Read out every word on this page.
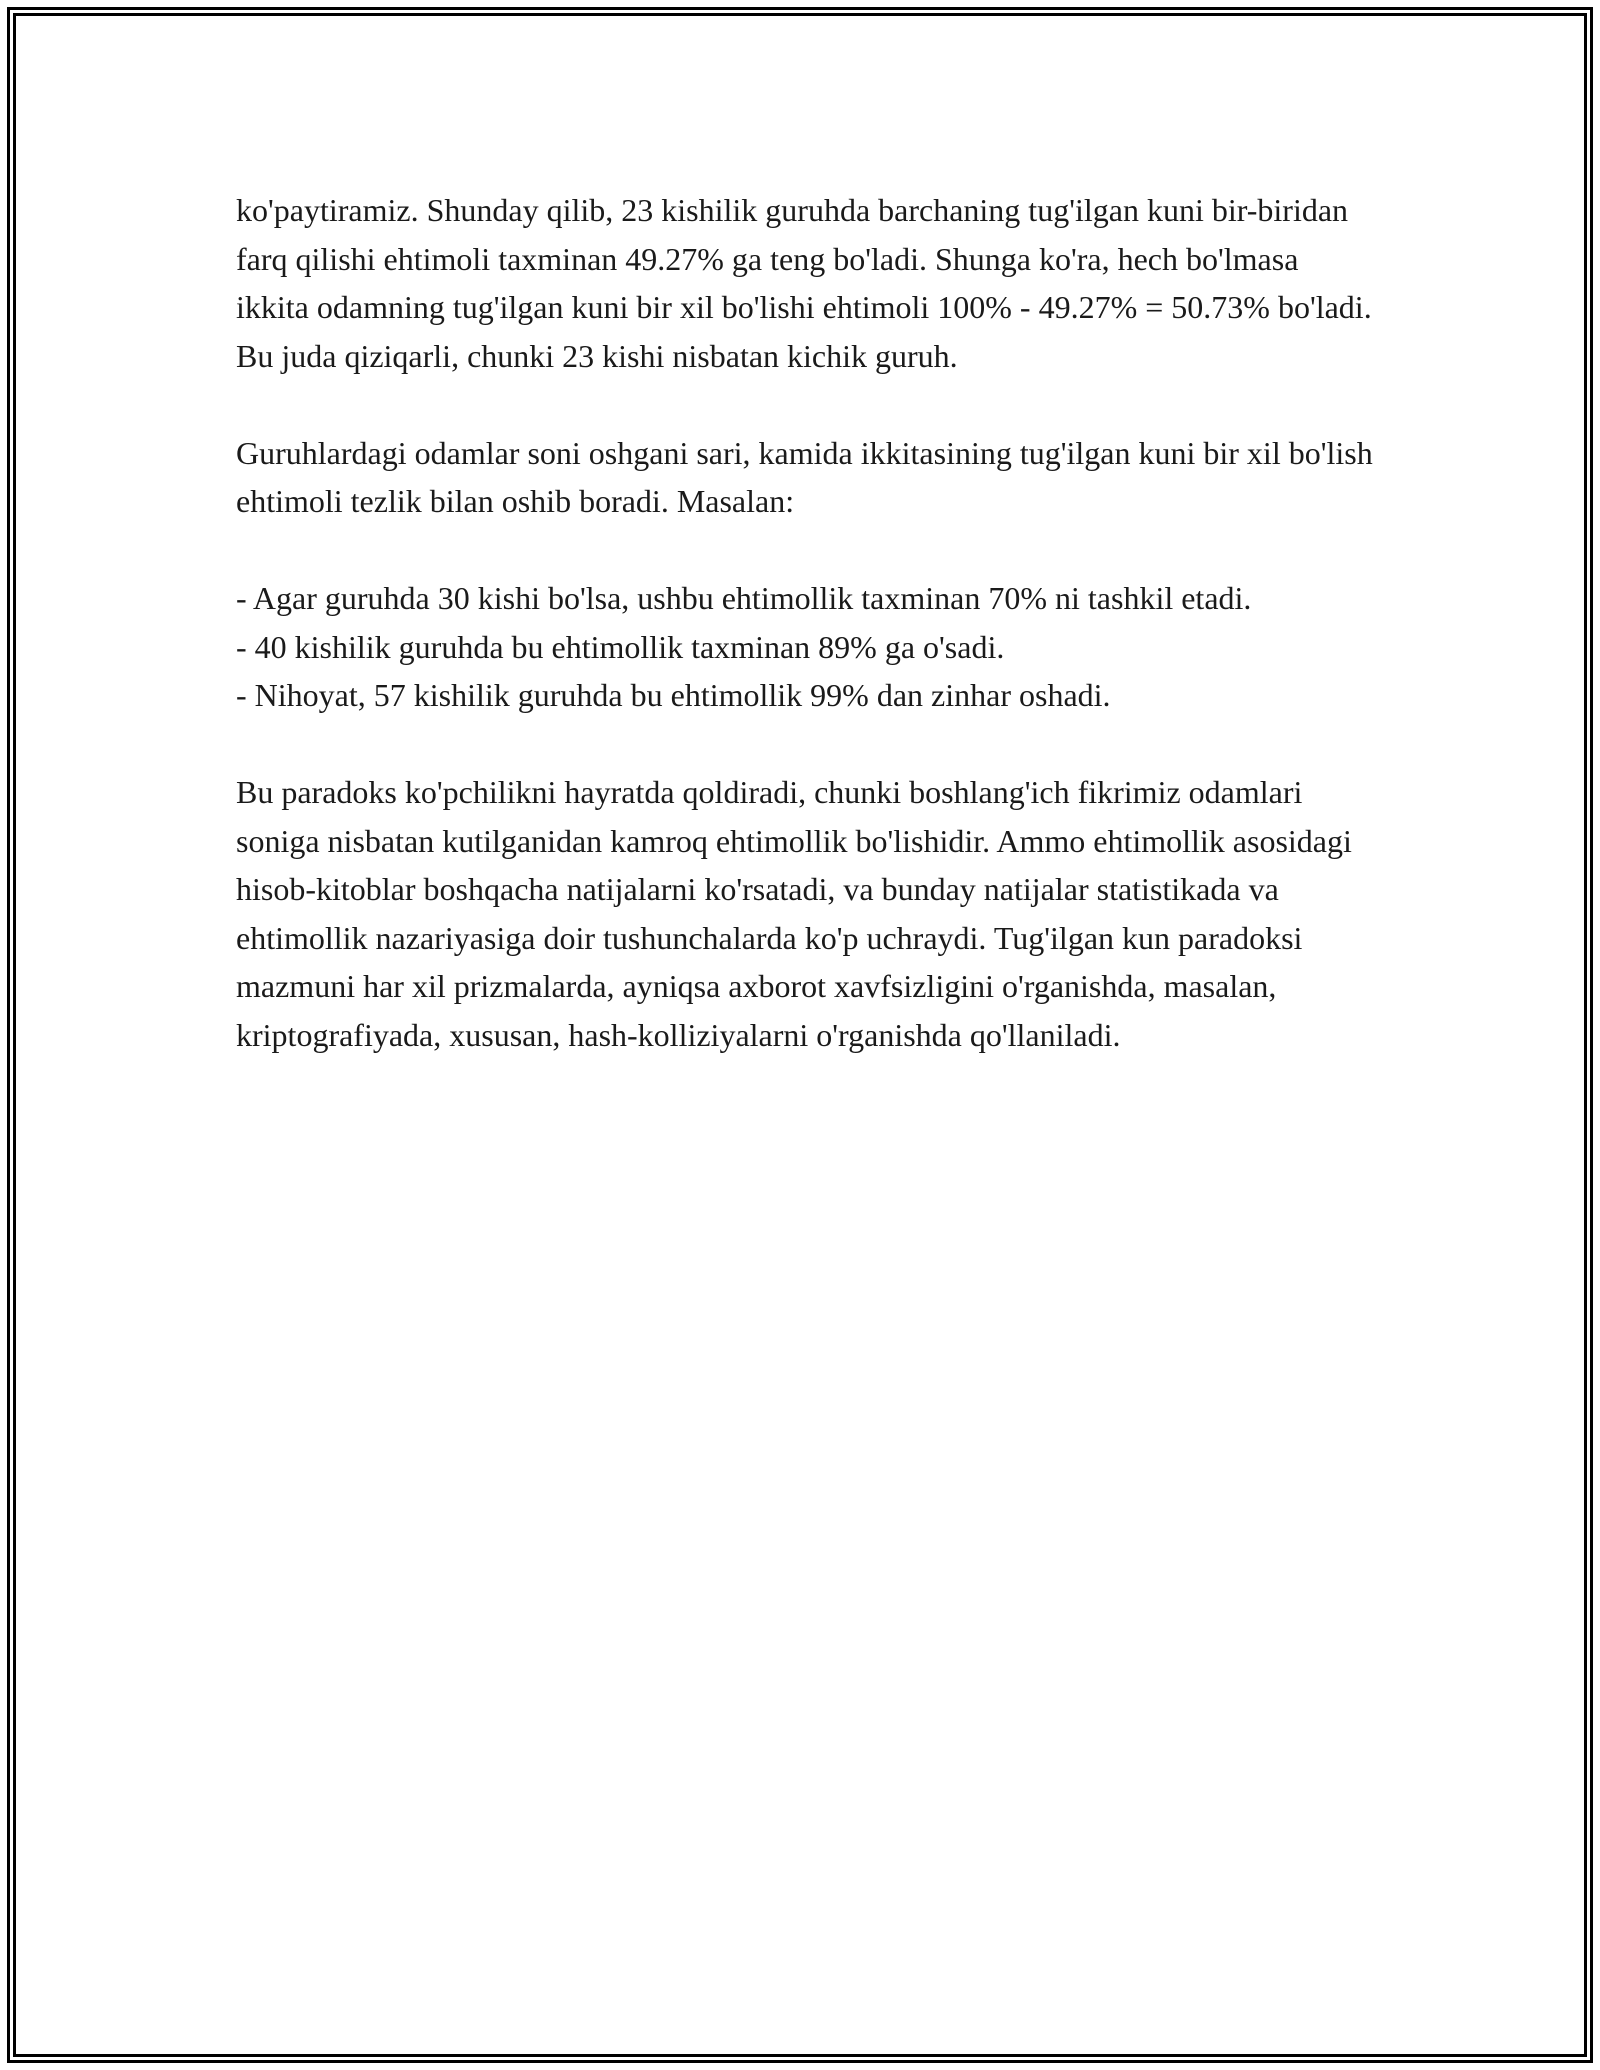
ko'paytiramiz. Shunday qilib, 23 kishilik guruhda barchaning tug'ilgan kuni bir-biridan farq qilishi ehtimoli taxminan 49.27% ga teng bo'ladi. Shunga ko'ra, hech bo'lmasa ikkita odamning tug'ilgan kuni bir xil bo'lishi ehtimoli 100% - 49.27% = 50.73% bo'ladi. Bu juda qiziqarli, chunki 23 kishi nisbatan kichik guruh.

Guruhlardagi odamlar soni oshgani sari, kamida ikkitasining tug'ilgan kuni bir xil bo'lish ehtimoli tezlik bilan oshib boradi. Masalan:

- Agar guruhda 30 kishi bo'lsa, ushbu ehtimollik taxminan 70% ni tashkil etadi.
- 40 kishilik guruhda bu ehtimollik taxminan 89% ga o'sadi.
- Nihoyat, 57 kishilik guruhda bu ehtimollik 99% dan zinhar oshadi.

Bu paradoks ko'pchilikni hayratda qoldiradi, chunki boshlang'ich fikrimiz odamlari soniga nisbatan kutilganidan kamroq ehtimollik bo'lishidir. Ammo ehtimollik asosidagi hisob-kitoblar boshqacha natijalarni ko'rsatadi, va bunday natijalar statistikada va ehtimollik nazariyasiga doir tushunchalarda ko'p uchraydi. Tug'ilgan kun paradoksi mazmuni har xil prizmalarda, ayniqsa axborot xavfsizligini o'rganishda, masalan, kriptografiyada, xususan, hash-kolliziyalarni o'rganishda qo'llaniladi.
